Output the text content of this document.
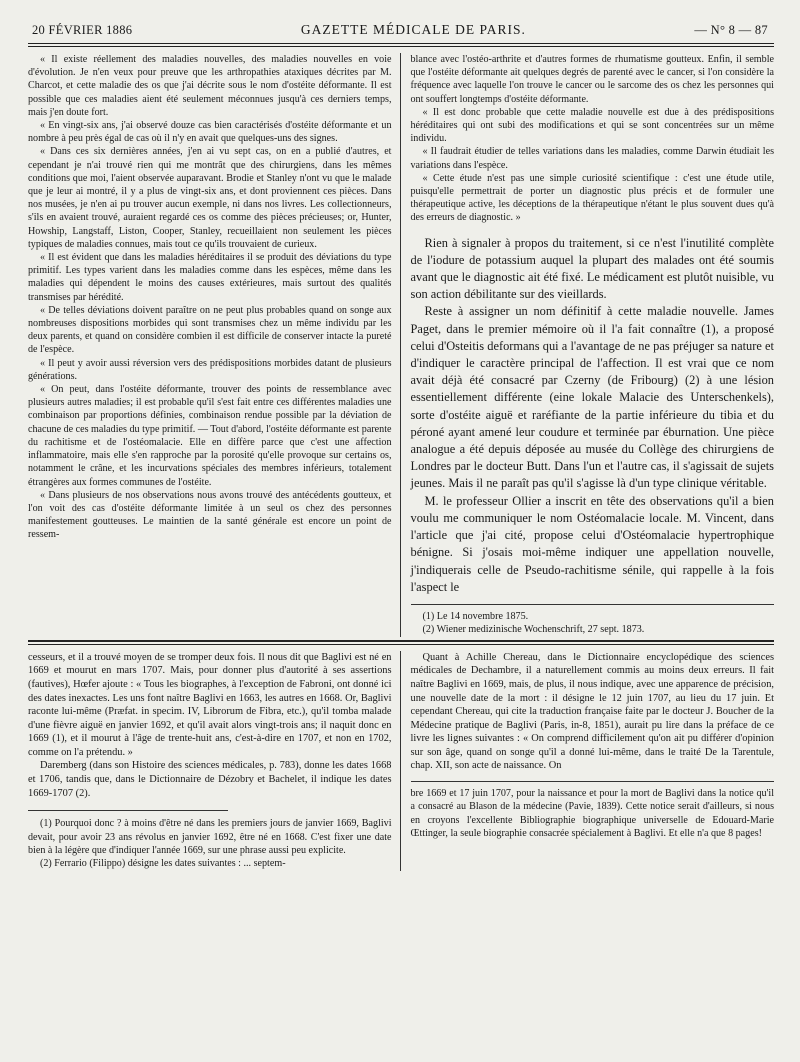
20 FÉVRIER 1886	GAZETTE MÉDICALE DE PARIS.	— N° 8 — 87

« Il existe réellement des maladies nouvelles, des maladies nouvelles en voie d'évolution. Je n'en veux pour preuve que les arthropathies ataxiques décrites par M. Charcot, et cette maladie des os que j'ai décrite sous le nom d'ostéite déformante. Il est possible que ces maladies aient été seulement méconnues jusqu'à ces derniers temps, mais j'en doute fort.

« En vingt-six ans, j'ai observé douze cas bien caractérisés d'ostéite déformante et un nombre à peu près égal de cas où il n'y en avait que quelques-uns des signes.

« Dans ces six dernières années, j'en ai vu sept cas, on en a publié d'autres, et cependant je n'ai trouvé rien qui me montrât que des chirurgiens, dans les mêmes conditions que moi, l'aient observée auparavant. Brodie et Stanley n'ont vu que le malade que je leur ai montré, il y a plus de vingt-six ans, et dont proviennent ces pièces. Dans nos musées, je n'en ai pu trouver aucun exemple, ni dans nos livres. Les collectionneurs, s'ils en avaient trouvé, auraient regardé ces os comme des pièces précieuses; or, Hunter, Howship, Langstaff, Liston, Cooper, Stanley, recueillaient non seulement les pièces typiques de maladies connues, mais tout ce qu'ils trouvaient de curieux.

« Il est évident que dans les maladies héréditaires il se produit des déviations du type primitif. Les types varient dans les maladies comme dans les espèces, même dans les maladies qui dépendent le moins des causes extérieures, mais surtout des qualités transmises par hérédité.

« De telles déviations doivent paraître on ne peut plus probables quand on songe aux nombreuses dispositions morbides qui sont transmises chez un même individu par les deux parents, et quand on considère combien il est difficile de conserver intacte la pureté de l'espèce.

« Il peut y avoir aussi réversion vers des prédispositions morbides datant de plusieurs générations.

« On peut, dans l'ostéite déformante, trouver des points de ressemblance avec plusieurs autres maladies; il est probable qu'il s'est fait entre ces différentes maladies une combinaison par proportions définies, combinaison rendue possible par la déviation de chacune de ces maladies du type primitif. — Tout d'abord, l'ostéite déformante est parente du rachitisme et de l'ostéomalacie. Elle en diffère parce que c'est une affection inflammatoire, mais elle s'en rapproche par la porosité qu'elle provoque sur certains os, notamment le crâne, et les incurvations spéciales des membres inférieurs, totalement étrangères aux formes communes de l'ostéite.

« Dans plusieurs de nos observations nous avons trouvé des antécédents goutteux, et l'on voit des cas d'ostéite déformante limitée à un seul os chez des personnes manifestement goutteuses. Le maintien de la santé générale est encore un point de ressem-

blance avec l'ostéo-arthrite et d'autres formes de rhumatisme goutteux. Enfin, il semble que l'ostéite déformante ait quelques degrés de parenté avec le cancer, si l'on considère la fréquence avec laquelle l'on trouve le cancer ou le sarcome des os chez les personnes qui ont souffert longtemps d'ostéite déformante.

« Il est donc probable que cette maladie nouvelle est due à des prédispositions héréditaires qui ont subi des modifications et qui se sont concentrées sur un même individu.

« Il faudrait étudier de telles variations dans les maladies, comme Darwin étudiait les variations dans l'espèce.

« Cette étude n'est pas une simple curiosité scientifique : c'est une étude utile, puisqu'elle permettrait de porter un diagnostic plus précis et de formuler une thérapeutique active, les déceptions de la thérapeutique n'étant le plus souvent dues qu'à des erreurs de diagnostic. »

Rien à signaler à propos du traitement, si ce n'est l'inutilité complète de l'iodure de potassium auquel la plupart des malades ont été soumis avant que le diagnostic ait été fixé. Le médicament est plutôt nuisible, vu son action débilitante sur des vieillards.

Reste à assigner un nom définitif à cette maladie nouvelle. James Paget, dans le premier mémoire où il l'a fait connaître (1), a proposé celui d'Osteitis deformans qui a l'avantage de ne pas préjuger sa nature et d'indiquer le caractère principal de l'affection. Il est vrai que ce nom avait déjà été consacré par Czerny (de Fribourg) (2) à une lésion essentiellement différente (eine lokale Malacie des Unterschenkels), sorte d'ostéite aiguë et raréfiante de la partie inférieure du tibia et du péroné ayant amené leur coudure et terminée par éburnation. Une pièce analogue a été depuis déposée au musée du Collège des chirurgiens de Londres par le docteur Butt. Dans l'un et l'autre cas, il s'agissait de sujets jeunes. Mais il ne paraît pas qu'il s'agisse là d'un type clinique véritable.

M. le professeur Ollier a inscrit en tête des observations qu'il a bien voulu me communiquer le nom Ostéomalacie locale. M. Vincent, dans l'article que j'ai cité, propose celui d'Ostéomalacie hypertrophique bénigne. Si j'osais moi-même indiquer une appellation nouvelle, j'indiquerais celle de Pseudo-rachitisme sénile, qui rappelle à la fois l'aspect le

(1) Le 14 novembre 1875.

(2) Wiener medizinische Wochenschrift, 27 sept. 1873.

cesseurs, et il a trouvé moyen de se tromper deux fois. Il nous dit que Baglivi est né en 1669 et mourut en mars 1707. Mais, pour donner plus d'autorité à ses assertions (fautives), Hœfer ajoute : « Tous les biographes, à l'exception de Fabroni, ont donné ici des dates inexactes. Les uns font naître Baglivi en 1663, les autres en 1668. Or, Baglivi raconte lui-même (Præfat. in specim. IV, Librorum de Fibra, etc.), qu'il tomba malade d'une fièvre aiguë en janvier 1692, et qu'il avait alors vingt-trois ans; il naquit donc en 1669 (1), et il mourut à l'âge de trente-huit ans, c'est-à-dire en 1707, et non en 1702, comme on l'a prétendu. »

Daremberg (dans son Histoire des sciences médicales, p. 783), donne les dates 1668 et 1706, tandis que, dans le Dictionnaire de Dézobry et Bachelet, il indique les dates 1669-1707 (2).

(1) Pourquoi donc ? à moins d'être né dans les premiers jours de janvier 1669, Baglivi devait, pour avoir 23 ans révolus en janvier 1692, être né en 1668. C'est fixer une date bien à la légère que d'indiquer l'année 1669, sur une phrase aussi peu explicite.

(2) Ferrario (Filippo) désigne les dates suivantes : ... septem-

Quant à Achille Chereau, dans le Dictionnaire encyclopédique des sciences médicales de Dechambre, il a naturellement commis au moins deux erreurs. Il fait naître Baglivi en 1669, mais, de plus, il nous indique, avec une apparence de précision, une nouvelle date de la mort : il désigne le 12 juin 1707, au lieu du 17 juin. Et cependant Chereau, qui cite la traduction française faite par le docteur J. Boucher de la Médecine pratique de Baglivi (Paris, in-8, 1851), aurait pu lire dans la préface de ce livre les lignes suivantes : « On comprend difficilement qu'on ait pu différer d'opinion sur son âge, quand on songe qu'il a donné lui-même, dans le traité De la Tarentule, chap. XII, son acte de naissance. On

bre 1669 et 17 juin 1707, pour la naissance et pour la mort de Baglivi dans la notice qu'il a consacré au Blason de la médecine (Pavie, 1839). Cette notice serait d'ailleurs, si nous en croyons l'excellente Bibliographie biographique universelle de Edouard-Marie Œttinger, la seule biographie consacrée spécialement à Baglivi. Et elle n'a que 8 pages!
